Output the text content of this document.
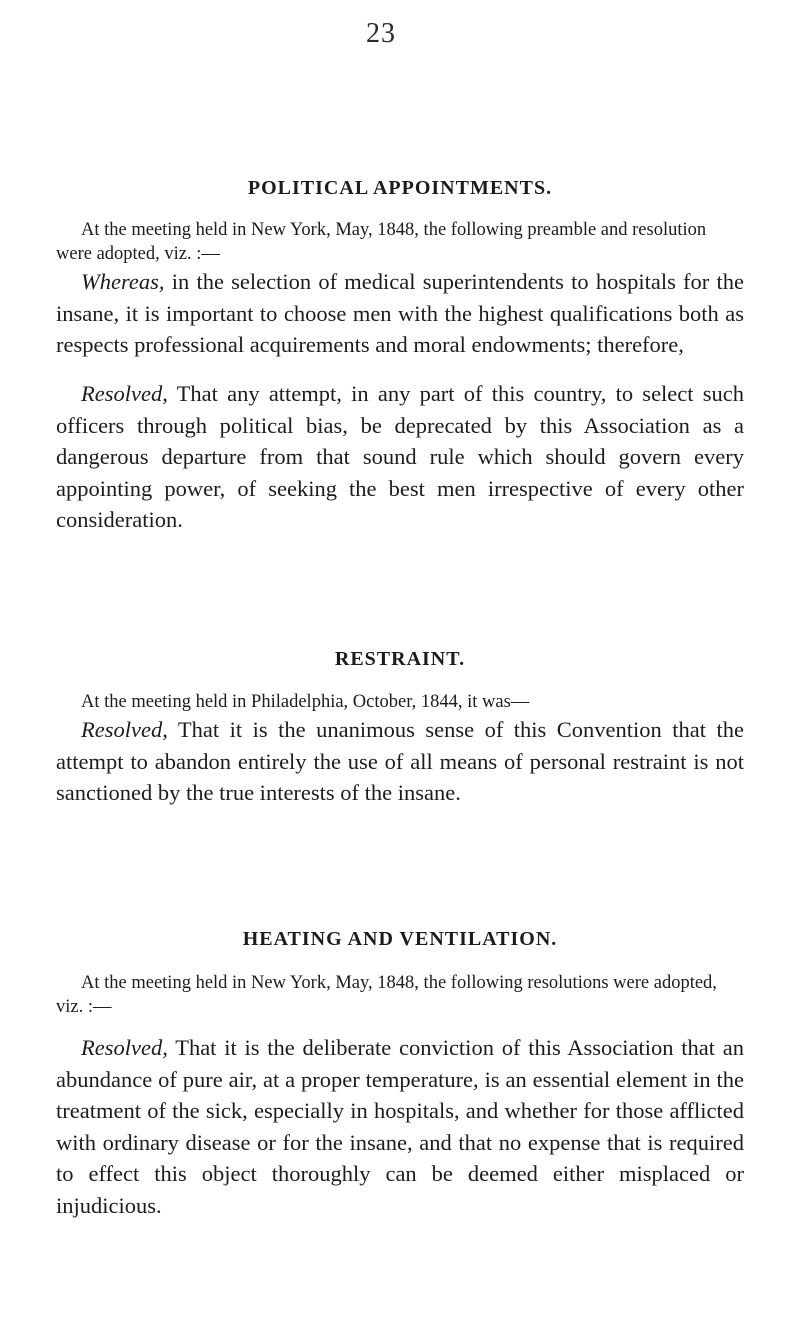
23
POLITICAL APPOINTMENTS.

At the meeting held in New York, May, 1848, the following preamble and resolution were adopted, viz. :—

Whereas, in the selection of medical superintendents to hospitals for the insane, it is important to choose men with the highest qualifications both as respects professional acquirements and moral endowments; therefore,

Resolved, That any attempt, in any part of this country, to select such officers through political bias, be deprecated by this Association as a dangerous departure from that sound rule which should govern every appointing power, of seeking the best men irrespective of every other consideration.

RESTRAINT.

At the meeting held in Philadelphia, October, 1844, it was—

Resolved, That it is the unanimous sense of this Convention that the attempt to abandon entirely the use of all means of personal restraint is not sanctioned by the true interests of the insane.

HEATING AND VENTILATION.

At the meeting held in New York, May, 1848, the following resolutions were adopted, viz. :—

Resolved, That it is the deliberate conviction of this Association that an abundance of pure air, at a proper temperature, is an essential element in the treatment of the sick, especially in hospitals, and whether for those afflicted with ordinary disease or for the insane, and that no expense that is required to effect this object thoroughly can be deemed either misplaced or injudicious.
